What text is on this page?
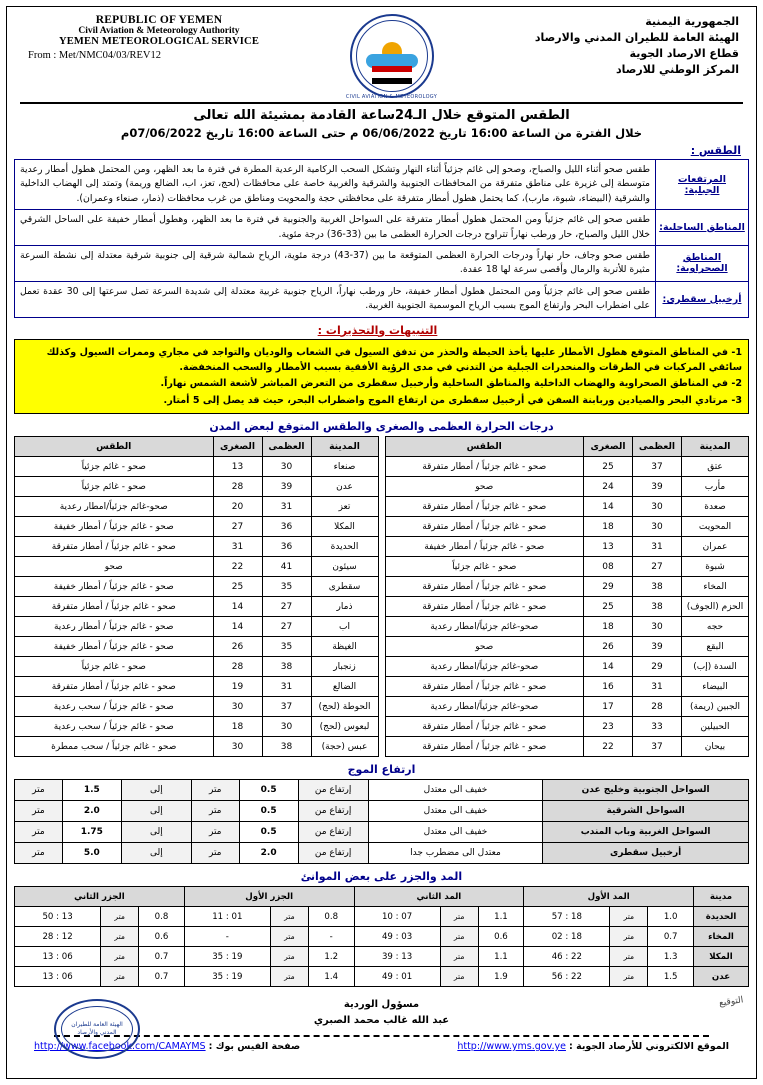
REPUBLIC OF YEMEN
Civil Aviation & Meteorology Authority
YEMEN METEOROLOGICAL SERVICE
From : Met/NMC04/03/REV12
CIVIL AVIATION & METEOROLOGY
الجمهورية اليمنية
الهيئة العامة للطيران المدني والارصاد
قطاع الارصاد الجوية
المركز الوطني للارصاد
الطقس المتوقع خلال الـ24ساعة القادمة بمشيئة الله تعالى
خلال الفترة من الساعة 16:00 تاريخ 06/06/2022 م حتى الساعة 16:00 تاريخ 07/06/2022م
الطقس :
المرتفعات الجبلية:
طقس صحو أثناء الليل والصباح، وصحو إلى غائم جزئياً أثناء النهار وتشكل السحب الركامية الرعدية المطرة في فترة ما بعد الظهر، ومن المحتمل هطول أمطار رعدية متوسطة إلى غزيرة على مناطق متفرقة من المحافظات الجنوبية والشرقية والغربية خاصة على محافظات (لحج، تعز، اب، الضالع وريمة) وتمتد إلى الهضاب الداخلية والشرقية (البيضاء، شبوة، مارب)، كما يحتمل هطول أمطار متفرقة على محافظتي حجة والمحويت ومناطق من غرب محافظات (ذمار، صنعاء وعمران).
المناطق الساحلية:
طقس صحو إلى غائم جزئياً ومن المحتمل هطول أمطار متفرقة على السواحل الغربية والجنوبية في فترة ما بعد الظهر، وهطول أمطار خفيفة على الساحل الشرقي خلال الليل والصباح، حار ورطب نهاراً تتراوح درجات الحرارة العظمى ما بين (33-36) درجة مئوية.
المناطق الصحراوية:
طقس صحو وجاف، حار نهاراً ودرجات الحرارة العظمى المتوقعة ما بين (37-43) درجة مئوية، الرياح شمالية شرقية إلى جنوبية شرقية معتدلة إلى نشطة السرعة مثيرة للأتربة والرمال وأقصى سرعة لها 18 عقدة.
أرخبيل سقطرى:
طقس صحو إلى غائم جزئياً ومن المحتمل هطول أمطار خفيفة، حار ورطب نهاراً، الرياح جنوبية غربية معتدلة إلى شديدة السرعة تصل سرعتها إلى 30 عقدة تعمل على اضطراب البحر وارتفاع الموج بسبب الرياح الموسمية الجنوبية الغربية.
التنبيهات والتحذيرات :
1- في المناطق المتوقع هطول الأمطار عليها يأخذ الحيطة والحذر من تدفق السيول في الشعاب والوديان والتواجد في مجاري وممرات السيول وكذلك سائقي المركبات في الطرقات والمنحدرات الجبلية من التدني في مدى الرؤية الأفقية بسبب الأمطار والسحب المنخفضة.
2- في المناطق الصحراوية والهضاب الداخلية والمناطق الساحلية وأرخبيل سقطرى من التعرض المباشر لأشعة الشمس نهاراً.
3- مرتادي البحر والصيادين وربابنة السفن في أرخبيل سقطرى من ارتفاع الموج واضطراب البحر، حيث قد يصل إلى 5 أمتار.
درجات الحرارة العظمى والصغرى والطقس المتوقع لبعض المدن
المدينة	العظمى	الصغرى	الطقس
عتق	37	25	صحو - غائم جزئياً / أمطار متفرقة
مأرب	39	24	صحو
صعدة	30	14	صحو - غائم جزئياً / أمطار متفرقة
المحويت	30	18	صحو - غائم جزئياً / أمطار متفرقة
عمران	31	13	صحو - غائم جزئياً / أمطار خفيفة
شبوة	27	08	صحو - غائم جزئياً
المخاء	38	29	صحو - غائم جزئياً / أمطار متفرقة
الحزم (الجوف)	38	25	صحو - غائم جزئياً / أمطار متفرقة
حجه	30	18	صحو-غائم جزئياً/امطار رعدية
البقع	39	26	صحو
السدة (إب)	29	14	صحو-غائم جزئياً/امطار رعدية
البيضاء	31	16	صحو - غائم جزئياً / أمطار متفرقة
الجبين (ريمة)	28	17	صحو-غائم جزئياً/امطار رعدية
الحبيلين	33	23	صحو - غائم جزئياً / أمطار متفرقة
بيحان	37	22	صحو - غائم جزئياً / أمطار متفرقة
المدينة	العظمى	الصغرى	الطقس
صنعاء	30	13	صحو - غائم جزئياً
عدن	39	28	صحو - غائم جزئياً
تعز	31	20	صحو-غائم جزئياً/امطار رعدية
المكلا	36	27	صحو - غائم جزئياً / أمطار خفيفة
الحديدة	36	31	صحو - غائم جزئياً / أمطار متفرقة
سيئون	41	22	صحو
سقطرى	35	25	صحو - غائم جزئياً / أمطار خفيفة
ذمار	27	14	صحو - غائم جزئياً / أمطار متفرقة
اب	27	14	صحو - غائم جزئياً / أمطار رعدية
الغيظة	35	26	صحو - غائم جزئياً / أمطار خفيفة
زنجبار	38	28	صحو - غائم جزئياً
الضالع	31	19	صحو - غائم جزئياً / أمطار متفرقة
الحوطة (لحج)	37	30	صحو - غائم جزئياً / سحب رعدية
لبعوس (لحج)	30	18	صحو - غائم جزئياً / سحب رعدية
عبس (حجة)	38	30	صحو - غائم جزئياً / سحب ممطرة
ارتفاع الموج
السواحل الجنوبية وخليج عدن	خفيف الى معتدل	إرتفاع من	0.5	متر	إلى	1.5	متر
السواحل الشرقية	خفيف الى معتدل	إرتفاع من	0.5	متر	إلى	2.0	متر
السواحل الغربية وباب المندب	خفيف الى معتدل	إرتفاع من	0.5	متر	إلى	1.75	متر
أرخبيل سقطرى	معتدل الى مضطرب جدا	إرتفاع من	2.0	متر	إلى	5.0	متر
المد والجزر على بعض الموانئ
مدينة	المد الأول			المد الثاني			الجزر الأول			الجزر الثاني		
الحديدة	1.0	متر	18 : 57	1.1	متر	07 : 10	0.8	متر	01 : 11	0.8	متر	13 : 50
المخاء	0.7	متر	18 : 02	0.6	متر	03 : 49	-	متر	-	0.6	متر	12 : 28
المكلا	1.3	متر	22 : 46	1.1	متر	13 : 39	1.2	متر	19 : 35	0.7	متر	06 : 13
عدن	1.5	متر	22 : 56	1.9	متر	01 : 49	1.4	متر	19 : 35	0.7	متر	06 : 13
الهيئة العامة للطيران المدني والأرصاد
التوقيع
مسؤول الوردية
عبد الله غالب محمد الصبري
الموقع الالكتروني للأرصاد الجوية : http://www.yms.gov.ye
صفحة الفيس بوك : http://www.facebook.com/CAMAYMS
